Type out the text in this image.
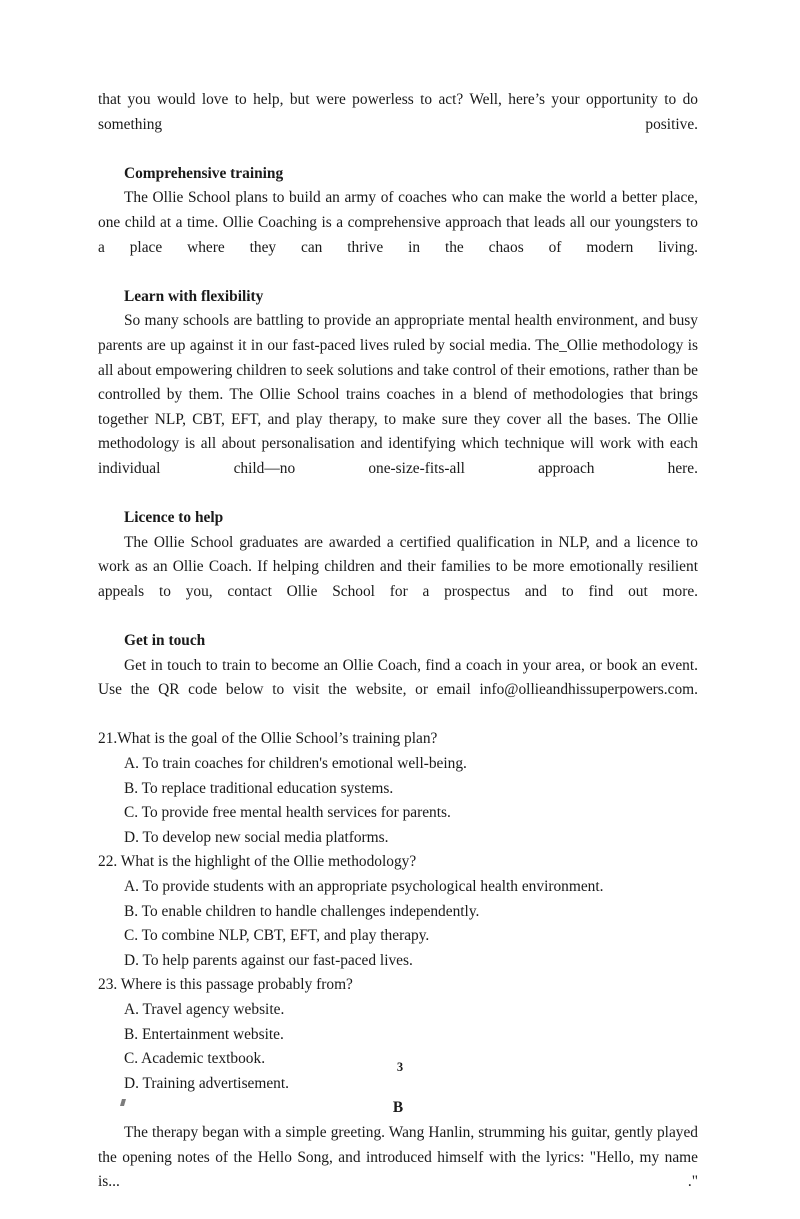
that you would love to help, but were powerless to act? Well, here’s your opportunity to do something positive.

Comprehensive training

The Ollie School plans to build an army of coaches who can make the world a better place, one child at a time. Ollie Coaching is a comprehensive approach that leads all our youngsters to a place where they can thrive in the chaos of modern living.

Learn with flexibility

So many schools are battling to provide an appropriate mental health environment, and busy parents are up against it in our fast-paced lives ruled by social media. The_Ollie methodology is all about empowering children to seek solutions and take control of their emotions, rather than be controlled by them. The Ollie School trains coaches in a blend of methodologies that brings together NLP, CBT, EFT, and play therapy, to make sure they cover all the bases. The Ollie methodology is all about personalisation and identifying which technique will work with each individual child—no one-size-fits-all approach here.

Licence to help

The Ollie School graduates are awarded a certified qualification in NLP, and a licence to work as an Ollie Coach. If helping children and their families to be more emotionally resilient appeals to you, contact Ollie School for a prospectus and to find out more.

Get in touch

Get in touch to train to become an Ollie Coach, find a coach in your area, or book an event. Use the QR code below to visit the website, or email info@ollieandhissuperpowers.com.

21.What is the goal of the Ollie School’s training plan?
A. To train coaches for children's emotional well-being.
B. To replace traditional education systems.
C. To provide free mental health services for parents.
D. To develop new social media platforms.
22. What is the highlight of the Ollie methodology?
A. To provide students with an appropriate psychological health environment.
B. To enable children to handle challenges independently.
C. To combine NLP, CBT, EFT, and play therapy.
D. To help parents against our fast-paced lives.
23. Where is this passage probably from?
A. Travel agency website.
B. Entertainment website.
C. Academic textbook.
D. Training advertisement.

B

The therapy began with a simple greeting. Wang Hanlin, strumming his guitar, gently played the opening notes of the Hello Song, and introduced himself with the lyrics: "Hello, my name is... ."

3
